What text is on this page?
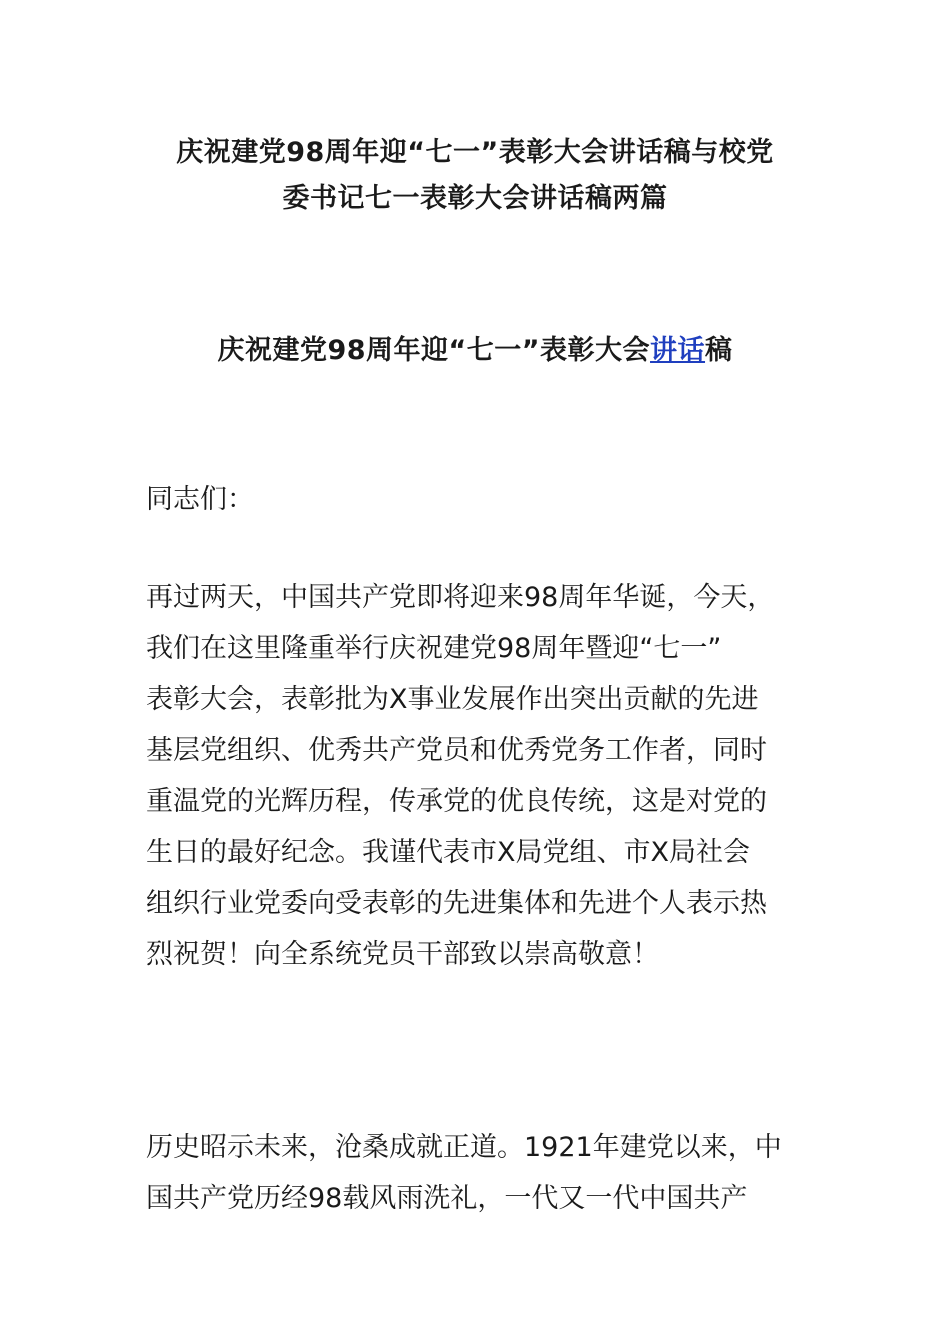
庆祝建党98周年迎“七一”表彰大会讲话稿与校党
委书记七一表彰大会讲话稿两篇
庆祝建党98周年迎“七一”表彰大会讲话稿

同志们：

再过两天，中国共产党即将迎来98周年华诞，今天，
我们在这里隆重举行庆祝建党98周年暨迎“七一”
表彰大会，表彰批为X事业发展作出突出贡献的先进
基层党组织、优秀共产党员和优秀党务工作者，同时
重温党的光辉历程，传承党的优良传统，这是对党的
生日的最好纪念。我谨代表市X局党组、市X局社会
组织行业党委向受表彰的先进集体和先进个人表示热
烈祝贺！向全系统党员干部致以崇高敬意！

历史昭示未来，沧桑成就正道。1921年建党以来，中
国共产党历经98载风雨洗礼，一代又一代中国共产
